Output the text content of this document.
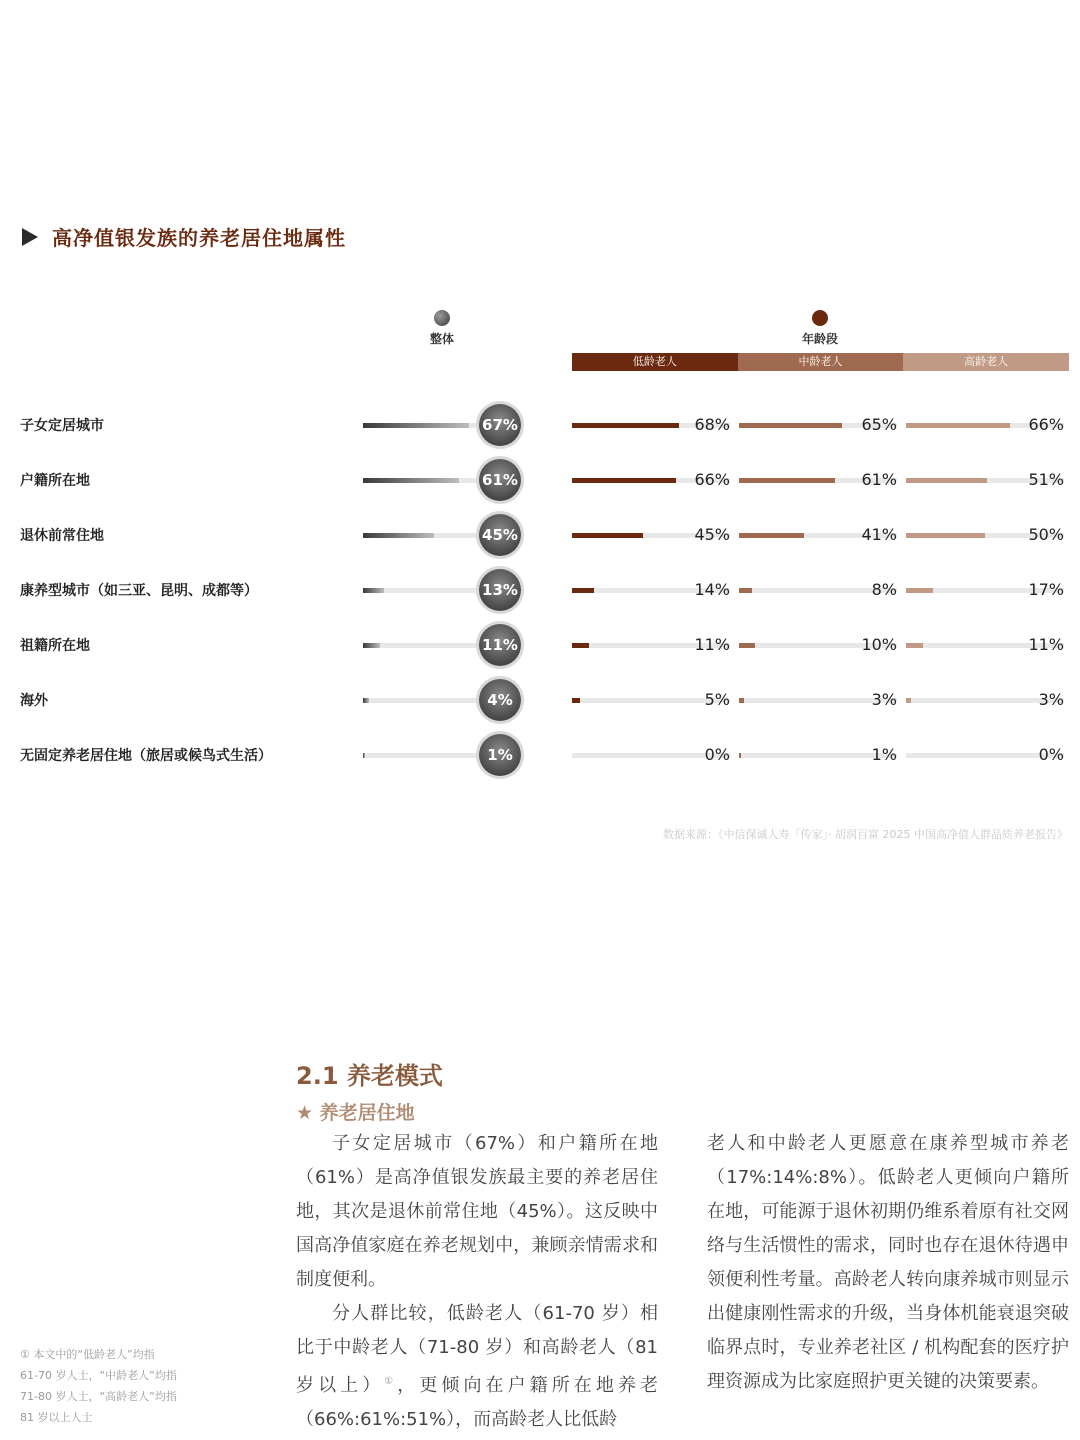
高净值银发族的养老居住地属性
整体	年龄段
低龄老人	中龄老人	高龄老人
子女定居城市	67%	68%	65%	66%
户籍所在地	61%	66%	61%	51%
退休前常住地	45%	45%	41%	50%
康养型城市（如三亚、昆明、成都等）	13%	14%	8%	17%
祖籍所在地	11%	11%	10%	11%
海外	4%	5%	3%	3%
无固定养老居住地（旅居或候鸟式生活）	1%	0%	1%	0%
数据来源：《中信保诚人寿「传家」· 胡润百富 2025 中国高净值人群品质养老报告》
2.1 养老模式
★ 养老居住地

子女定居城市（67%）和户籍所在地（61%）是高净值银发族最主要的养老居住地，其次是退休前常住地（45%）。这反映中国高净值家庭在养老规划中，兼顾亲情需求和制度便利。

分人群比较，低龄老人（61-70 岁）相比于中龄老人（71-80 岁）和高龄老人（81 岁以上）①，更倾向在户籍所在地养老（66%:61%:51%），而高龄老人比低龄

老人和中龄老人更愿意在康养型城市养老（17%:14%:8%）。低龄老人更倾向户籍所在地，可能源于退休初期仍维系着原有社交网络与生活惯性的需求，同时也存在退休待遇申领便利性考量。高龄老人转向康养城市则显示出健康刚性需求的升级，当身体机能衰退突破临界点时，专业养老社区 / 机构配套的医疗护理资源成为比家庭照护更关键的决策要素。

① 本文中的“低龄老人”均指
61-70 岁人士，“中龄老人”均指
71-80 岁人士，“高龄老人”均指
81 岁以上人士
